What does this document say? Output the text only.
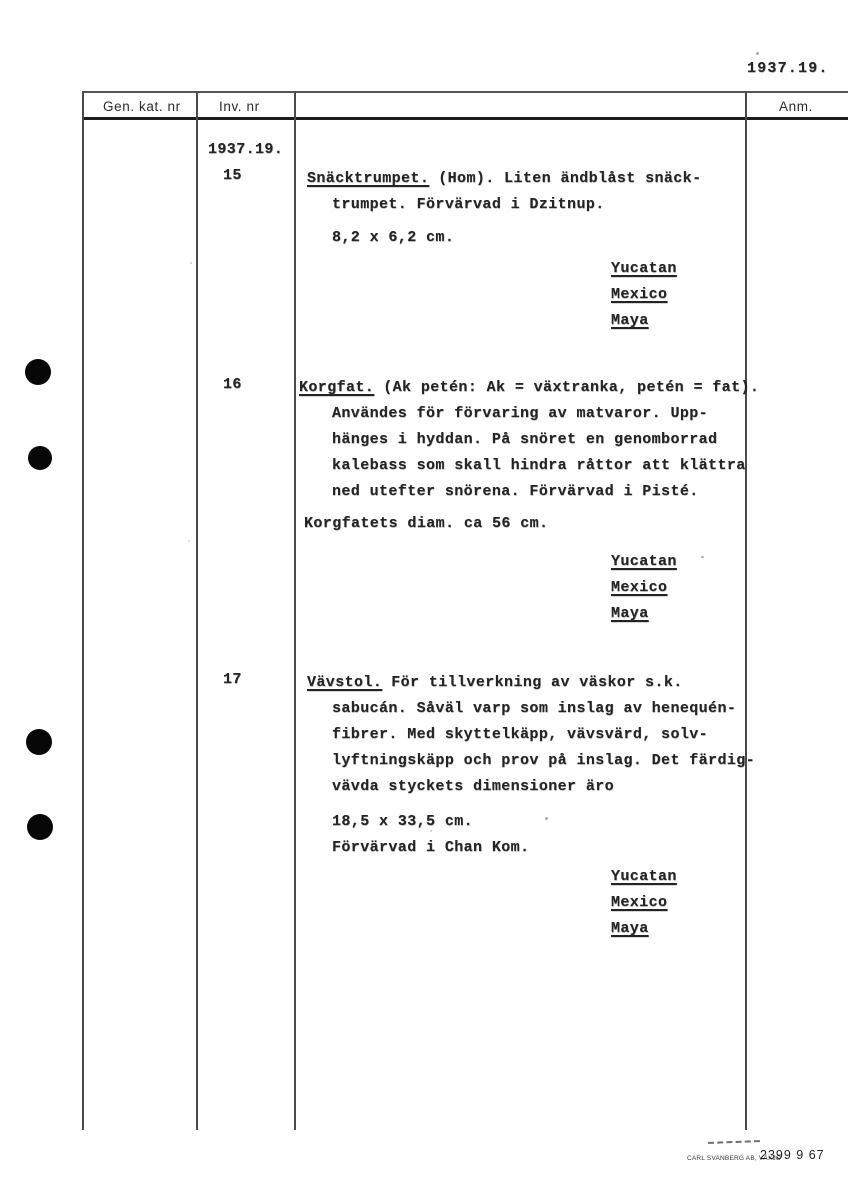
1937.19.
Gen. kat. nr	Inv. nr	Anm.
1937.19.
15	Snäcktrumpet. (Hom). Liten ändblåst snäck-
trumpet. Förvärvad i Dzitnup.
8,2 x 6,2 cm.
Yucatan
Mexico
Maya
16	Korgfat. (Ak petén: Ak = växtranka, petén = fat).
Användes för förvaring av matvaror. Upp-
hänges i hyddan. På snöret en genomborrad
kalebass som skall hindra råttor att klättra
ned utefter snörena. Förvärvad i Pisté.
Korgfatets diam. ca 56 cm.
Yucatan
Mexico
Maya
17	Vävstol. För tillverkning av väskor s.k.
sabucán. Såväl varp som inslag av henequén-
fibrer. Med skyttelkäpp, vävsvärd, solv-
lyftningskäpp och prov på inslag. Det färdig-
vävda styckets dimensioner äro
18,5 x 33,5 cm.
Förvärvad i Chan Kom.
Yucatan
Mexico
Maya
CARL SVANBERG AB, VÄXJÖ
2399 9 67
